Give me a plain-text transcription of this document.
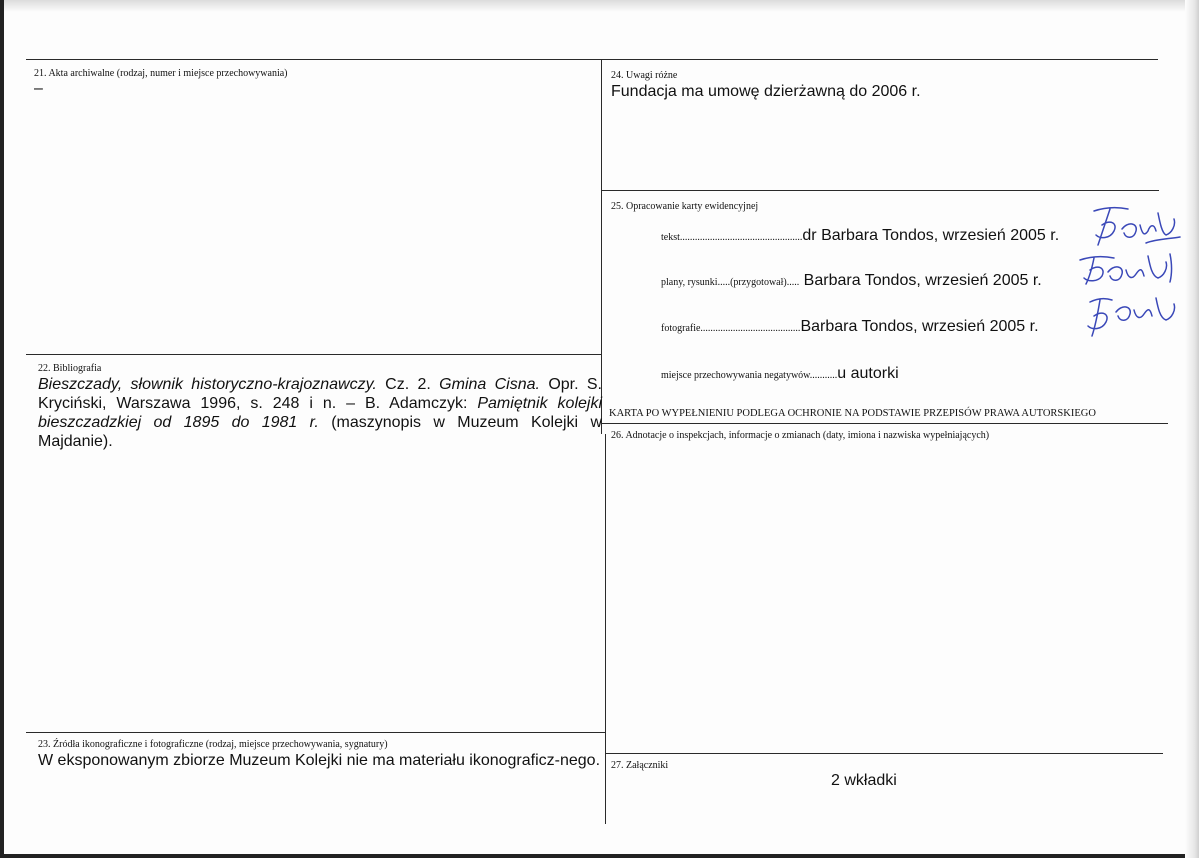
21. Akta archiwalne (rodzaj, numer i miejsce przechowywania)
–
22. Bibliografia
Bieszczady, słownik historyczno-krajoznawczy. Cz. 2. Gmina Cisna. Opr. S. Kryciński, Warszawa 1996, s. 248 i n. – B. Adamczyk: Pamiętnik kolejki bieszczadzkiej od 1895 do 1981 r. (maszynopis w Muzeum Kolejki w Majdanie).
23. Źródła ikonograficzne i fotograficzne (rodzaj, miejsce przechowywania, sygnatury)
W eksponowanym zbiorze Muzeum Kolejki nie ma materiału ikonograficz-nego.
24. Uwagi różne
Fundacja ma umowę dzierżawną do 2006 r.
25. Opracowanie karty ewidencyjnej
tekst.................................................dr Barbara Tondos, wrzesień 2005 r.
plany, rysunki.....(przygotował)..... Barbara Tondos, wrzesień 2005 r.
fotografie........................................Barbara Tondos, wrzesień 2005 r.
miejsce przechowywania negatywów...........u autorki
KARTA PO WYPEŁNIENIU PODLEGA OCHRONIE NA PODSTAWIE PRZEPISÓW PRAWA AUTORSKIEGO
26. Adnotacje o inspekcjach, informacje o zmianach (daty, imiona i nazwiska wypełniających)
27. Załączniki
2 wkładki
